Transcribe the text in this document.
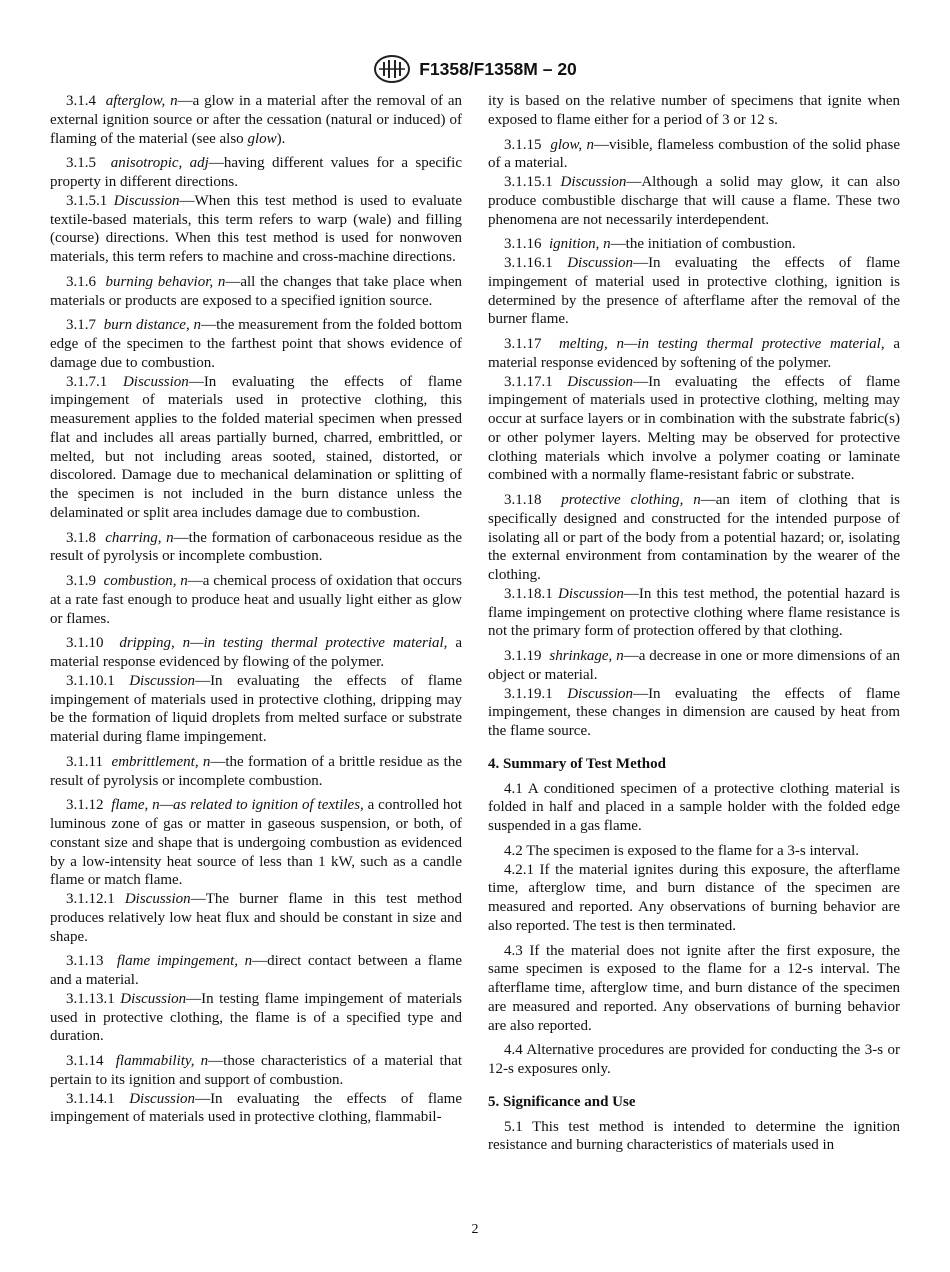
F1358/F1358M – 20

3.1.4 afterglow, n—a glow in a material after the removal of an external ignition source or after the cessation (natural or induced) of flaming of the material (see also glow).

3.1.5 anisotropic, adj—having different values for a specific property in different directions.

3.1.5.1 Discussion—When this test method is used to evaluate textile-based materials, this term refers to warp (wale) and filling (course) directions. When this test method is used for nonwoven materials, this term refers to machine and cross-machine directions.

3.1.6 burning behavior, n—all the changes that take place when materials or products are exposed to a specified ignition source.

3.1.7 burn distance, n—the measurement from the folded bottom edge of the specimen to the farthest point that shows evidence of damage due to combustion.

3.1.7.1 Discussion—In evaluating the effects of flame impingement of materials used in protective clothing, this measurement applies to the folded material specimen when pressed flat and includes all areas partially burned, charred, embrittled, or melted, but not including areas sooted, stained, distorted, or discolored. Damage due to mechanical delamination or splitting of the specimen is not included in the burn distance unless the delaminated or split area includes damage due to combustion.

3.1.8 charring, n—the formation of carbonaceous residue as the result of pyrolysis or incomplete combustion.

3.1.9 combustion, n—a chemical process of oxidation that occurs at a rate fast enough to produce heat and usually light either as glow or flames.

3.1.10 dripping, n—in testing thermal protective material, a material response evidenced by flowing of the polymer.

3.1.10.1 Discussion—In evaluating the effects of flame impingement of materials used in protective clothing, dripping may be the formation of liquid droplets from melted surface or substrate material during flame impingement.

3.1.11 embrittlement, n—the formation of a brittle residue as the result of pyrolysis or incomplete combustion.

3.1.12 flame, n—as related to ignition of textiles, a controlled hot luminous zone of gas or matter in gaseous suspension, or both, of constant size and shape that is undergoing combustion as evidenced by a low-intensity heat source of less than 1 kW, such as a candle flame or match flame.

3.1.12.1 Discussion—The burner flame in this test method produces relatively low heat flux and should be constant in size and shape.

3.1.13 flame impingement, n—direct contact between a flame and a material.

3.1.13.1 Discussion—In testing flame impingement of materials used in protective clothing, the flame is of a specified type and duration.

3.1.14 flammability, n—those characteristics of a material that pertain to its ignition and support of combustion.

3.1.14.1 Discussion—In evaluating the effects of flame impingement of materials used in protective clothing, flammabil-

ity is based on the relative number of specimens that ignite when exposed to flame either for a period of 3 or 12 s.

3.1.15 glow, n—visible, flameless combustion of the solid phase of a material.

3.1.15.1 Discussion—Although a solid may glow, it can also produce combustible discharge that will cause a flame. These two phenomena are not necessarily interdependent.

3.1.16 ignition, n—the initiation of combustion.

3.1.16.1 Discussion—In evaluating the effects of flame impingement of material used in protective clothing, ignition is determined by the presence of afterflame after the removal of the burner flame.

3.1.17 melting, n—in testing thermal protective material, a material response evidenced by softening of the polymer.

3.1.17.1 Discussion—In evaluating the effects of flame impingement of materials used in protective clothing, melting may occur at surface layers or in combination with the substrate fabric(s) or other polymer layers. Melting may be observed for protective clothing materials which involve a polymer coating or laminate combined with a normally flame-resistant fabric or substrate.

3.1.18 protective clothing, n—an item of clothing that is specifically designed and constructed for the intended purpose of isolating all or part of the body from a potential hazard; or, isolating the external environment from contamination by the wearer of the clothing.

3.1.18.1 Discussion—In this test method, the potential hazard is flame impingement on protective clothing where flame resistance is not the primary form of protection offered by that clothing.

3.1.19 shrinkage, n—a decrease in one or more dimensions of an object or material.

3.1.19.1 Discussion—In evaluating the effects of flame impingement, these changes in dimension are caused by heat from the flame source.

4. Summary of Test Method

4.1 A conditioned specimen of a protective clothing material is folded in half and placed in a sample holder with the folded edge suspended in a gas flame.

4.2 The specimen is exposed to the flame for a 3-s interval.

4.2.1 If the material ignites during this exposure, the afterflame time, afterglow time, and burn distance of the specimen are measured and reported. Any observations of burning behavior are also reported. The test is then terminated.

4.3 If the material does not ignite after the first exposure, the same specimen is exposed to the flame for a 12-s interval. The afterflame time, afterglow time, and burn distance of the specimen are measured and reported. Any observations of burning behavior are also reported.

4.4 Alternative procedures are provided for conducting the 3-s or 12-s exposures only.

5. Significance and Use

5.1 This test method is intended to determine the ignition resistance and burning characteristics of materials used in

2
